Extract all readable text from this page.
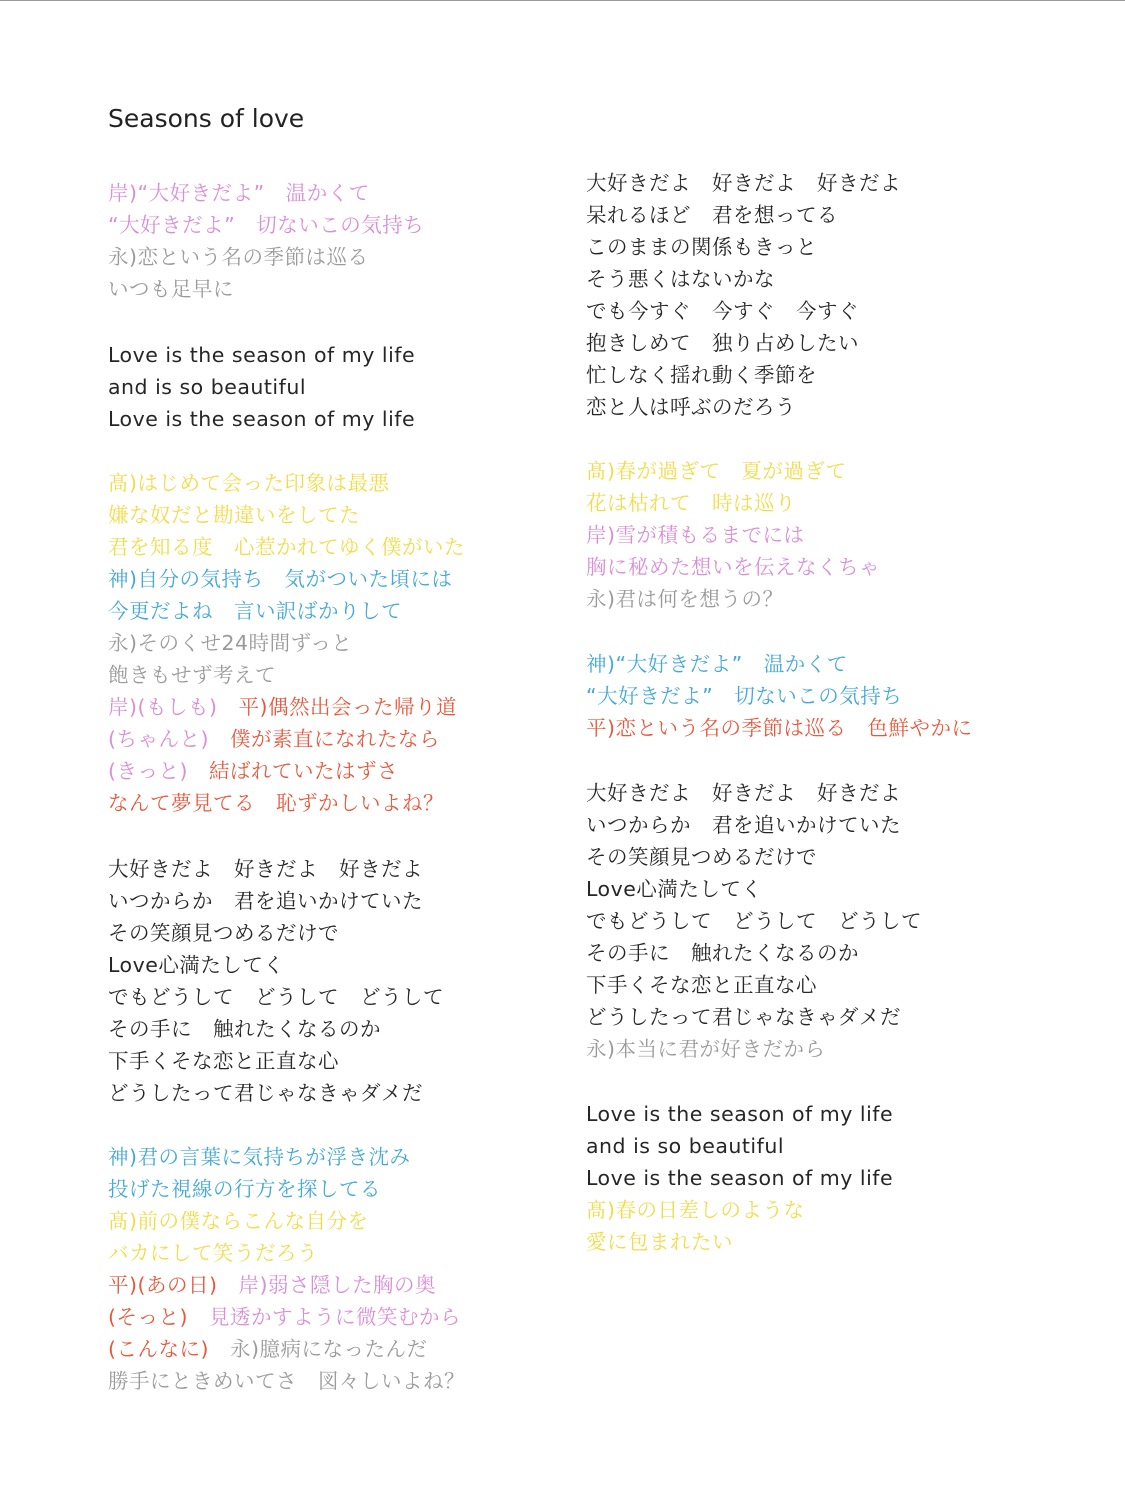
Seasons of love
岸)“大好きだよ”　温かくて
“大好きだよ”　切ないこの気持ち
永)恋という名の季節は巡る
いつも足早に
Love is the season of my life
and is so beautiful
Love is the season of my life
髙)はじめて会った印象は最悪
嫌な奴だと勘違いをしてた
君を知る度　心惹かれてゆく僕がいた
神)自分の気持ち　気がついた頃には
今更だよね　言い訳ばかりして
永)そのくせ24時間ずっと
飽きもせず考えて
岸)(もしも)　平)偶然出会った帰り道
(ちゃんと)　僕が素直になれたなら
(きっと)　結ばれていたはずさ
なんて夢見てる　恥ずかしいよね？
大好きだよ　好きだよ　好きだよ
いつからか　君を追いかけていた
その笑顔見つめるだけで
Love心満たしてく
でもどうして　どうして　どうして
その手に　触れたくなるのか
下手くそな恋と正直な心
どうしたって君じゃなきゃダメだ
神)君の言葉に気持ちが浮き沈み
投げた視線の行方を探してる
髙)前の僕ならこんな自分を
バカにして笑うだろう
平)(あの日)　岸)弱さ隠した胸の奥
(そっと)　見透かすように微笑むから
(こんなに)　永)臆病になったんだ
勝手にときめいてさ　図々しいよね？
大好きだよ　好きだよ　好きだよ
呆れるほど　君を想ってる
このままの関係もきっと
そう悪くはないかな
でも今すぐ　今すぐ　今すぐ
抱きしめて　独り占めしたい
忙しなく揺れ動く季節を
恋と人は呼ぶのだろう
髙)春が過ぎて　夏が過ぎて
花は枯れて　時は巡り
岸)雪が積もるまでには
胸に秘めた想いを伝えなくちゃ
永)君は何を想うの？
神)“大好きだよ”　温かくて
“大好きだよ”　切ないこの気持ち
平)恋という名の季節は巡る　色鮮やかに
大好きだよ　好きだよ　好きだよ
いつからか　君を追いかけていた
その笑顔見つめるだけで
Love心満たしてく
でもどうして　どうして　どうして
その手に　触れたくなるのか
下手くそな恋と正直な心
どうしたって君じゃなきゃダメだ
永)本当に君が好きだから
Love is the season of my life
and is so beautiful
Love is the season of my life
髙)春の日差しのような
愛に包まれたい
